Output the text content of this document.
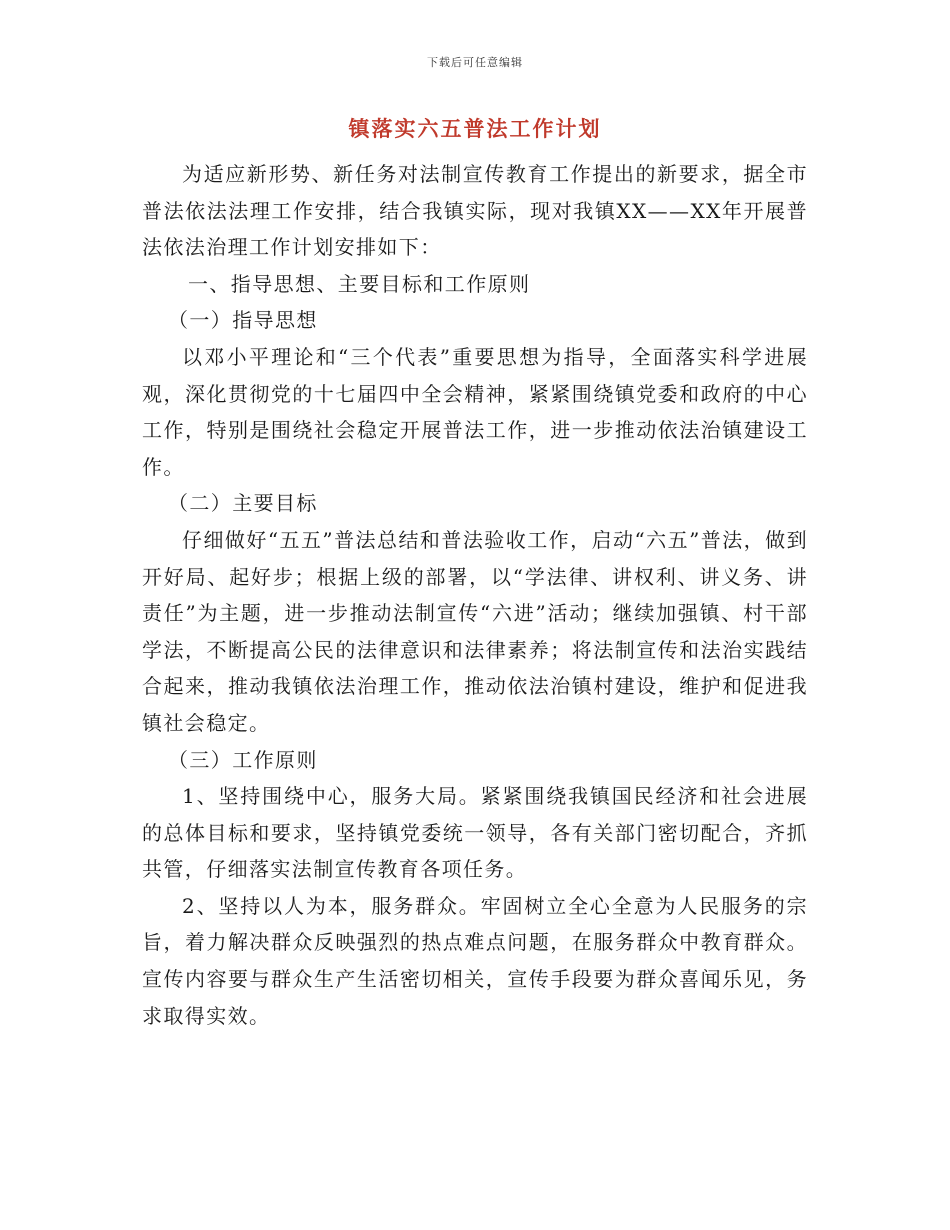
下载后可任意编辑
镇落实六五普法工作计划

为适应新形势、新任务对法制宣传教育工作提出的新要求，据全市普法依法法理工作安排，结合我镇实际，现对我镇XX——XX年开展普法依法治理工作计划安排如下：

一、指导思想、主要目标和工作原则

（一）指导思想

以邓小平理论和“三个代表”重要思想为指导，全面落实科学进展观，深化贯彻党的十七届四中全会精神，紧紧围绕镇党委和政府的中心工作，特别是围绕社会稳定开展普法工作，进一步推动依法治镇建设工作。

（二）主要目标

仔细做好“五五”普法总结和普法验收工作，启动“六五”普法，做到开好局、起好步；根据上级的部署，以“学法律、讲权利、讲义务、讲责任”为主题，进一步推动法制宣传“六进”活动；继续加强镇、村干部学法，不断提高公民的法律意识和法律素养；将法制宣传和法治实践结合起来，推动我镇依法治理工作，推动依法治镇村建设，维护和促进我镇社会稳定。

（三）工作原则

1、坚持围绕中心，服务大局。紧紧围绕我镇国民经济和社会进展的总体目标和要求，坚持镇党委统一领导，各有关部门密切配合，齐抓共管，仔细落实法制宣传教育各项任务。

2、坚持以人为本，服务群众。牢固树立全心全意为人民服务的宗旨，着力解决群众反映强烈的热点难点问题，在服务群众中教育群众。宣传内容要与群众生产生活密切相关，宣传手段要为群众喜闻乐见，务求取得实效。
